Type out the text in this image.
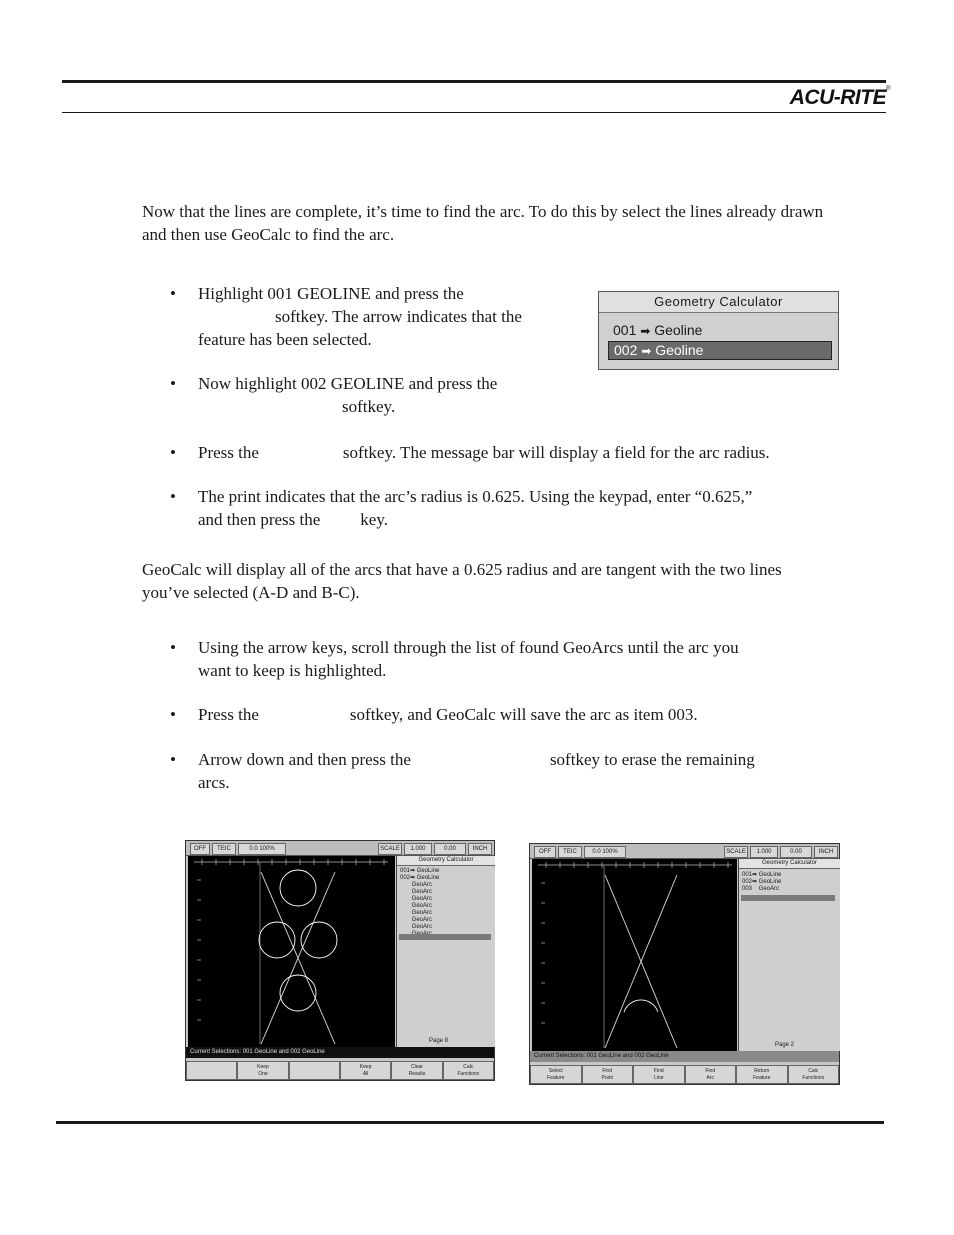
ACU-RITE®
Now that the lines are complete, it’s time to find the arc. To do this by select the lines already drawn and then use GeoCalc to find the arc.
• Highlight 001 GEOLINE and press the
softkey. The arrow indicates that the
feature has been selected.
Geometry Calculator
001 ➡ Geoline
002 ➡ Geoline
• Now highlight 002 GEOLINE and press the
softkey.
• Press the	softkey. The message bar will display a field for the arc radius.
• The print indicates that the arc’s radius is 0.625. Using the keypad, enter “0.625,”
and then press the key.
GeoCalc will display all of the arcs that have a 0.625 radius and are tangent with the two lines you’ve selected (A-D and B-C).
• Using the arrow keys, scroll through the list of found GeoArcs until the arc you
want to keep is highlighted.
• Press the	softkey, and GeoCalc will save the arc as item 003.
• Arrow down and then press the	softkey to erase the remaining
arcs.
OFF	TEIC	0.0 100%	SCALE	1.000	0.00	INCH
Geometry Calculator
001➡ GeoLine
002➡ GeoLine
GeoArc
GeoArc
GeoArc
GeoArc
GeoArc
GeoArc
GeoArc

Page 8
Current Selections: 001 GeoLine and 002 GeoLine
Keep
One
Keep
All
Clear
Results
Calc
Functions
OFF	TEIC	0.0 100%	SCALE	1.000	0.00	INCH
Geometry Calculator
001➡ GeoLine
002➡ GeoLine
003    GeoArc
Page 2
Current Selections: 001 GeoLine and 002 GeoLine
Select
Feature
Find
Point
Find
Line
Find
Arc
Return
Feature
Calc
Functions
